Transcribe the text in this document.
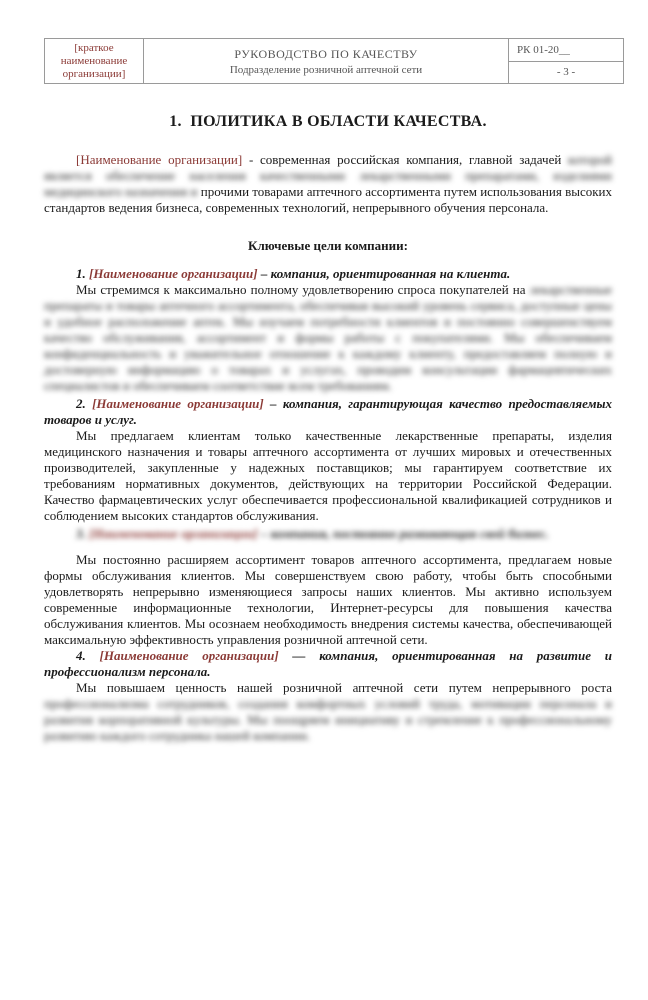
[краткое наименование организации]	
РУКОВОДСТВО ПО КАЧЕСТВУ
Подразделение розничной аптечной сети
	РК 01-20__
- 3 -
1. ПОЛИТИКА В ОБЛАСТИ КАЧЕСТВА.

[Наименование организации] - современная российская компания, главной задачей которой является обеспечение населения качественными лекарственными препаратами, изделиями медицинского назначения и прочими товарами аптечного ассортимента путем использования высоких стандартов ведения бизнеса, современных технологий, непрерывного обучения персонала.

Ключевые цели компании:
1. [Наименование организации] – компания, ориентированная на клиента.

Мы стремимся к максимально полному удовлетворению спроса покупателей на лекарственные препараты и товары аптечного ассортимента, обеспечивая высокий уровень сервиса, доступные цены и удобное расположение аптек. Мы изучаем потребности клиентов и постоянно совершенствуем качество обслуживания, ассортимент и формы работы с покупателями. Мы обеспечиваем конфиденциальность и уважительное отношение к каждому клиенту, предоставляем полную и достоверную информацию о товарах и услугах, проводим консультации фармацевтических специалистов и обеспечиваем соответствие всем требованиям.

2. [Наименование организации] – компания, гарантирующая качество предоставляемых товаров и услуг.

Мы предлагаем клиентам только качественные лекарственные препараты, изделия медицинского назначения и товары аптечного ассортимента от лучших мировых и отечественных производителей, закупленные у надежных поставщиков; мы гарантируем соответствие их требованиям нормативных документов, действующих на территории Российской Федерации. Качество фармацевтических услуг обеспечивается профессиональной квалификацией сотрудников и соблюдением высоких стандартов обслуживания.

3. [Наименование организации] – компания, постоянно развивающая свой бизнес.

Мы постоянно расширяем ассортимент товаров аптечного ассортимента, предлагаем новые формы обслуживания клиентов. Мы совершенствуем свою работу, чтобы быть способными удовлетворять непрерывно изменяющиеся запросы наших клиентов. Мы активно используем современные информационные технологии, Интернет-ресурсы для повышения качества обслуживания клиентов. Мы осознаем необходимость внедрения системы качества, обеспечивающей максимальную эффективность управления розничной аптечной сети.

4. [Наименование организации] — компания, ориентированная на развитие и профессионализм персонала.

Мы повышаем ценность нашей розничной аптечной сети путем непрерывного роста профессионализма сотрудников, создания комфортных условий труда, мотивации персонала и развития корпоративной культуры. Мы поощряем инициативу и стремление к профессиональному развитию каждого сотрудника нашей компании.
